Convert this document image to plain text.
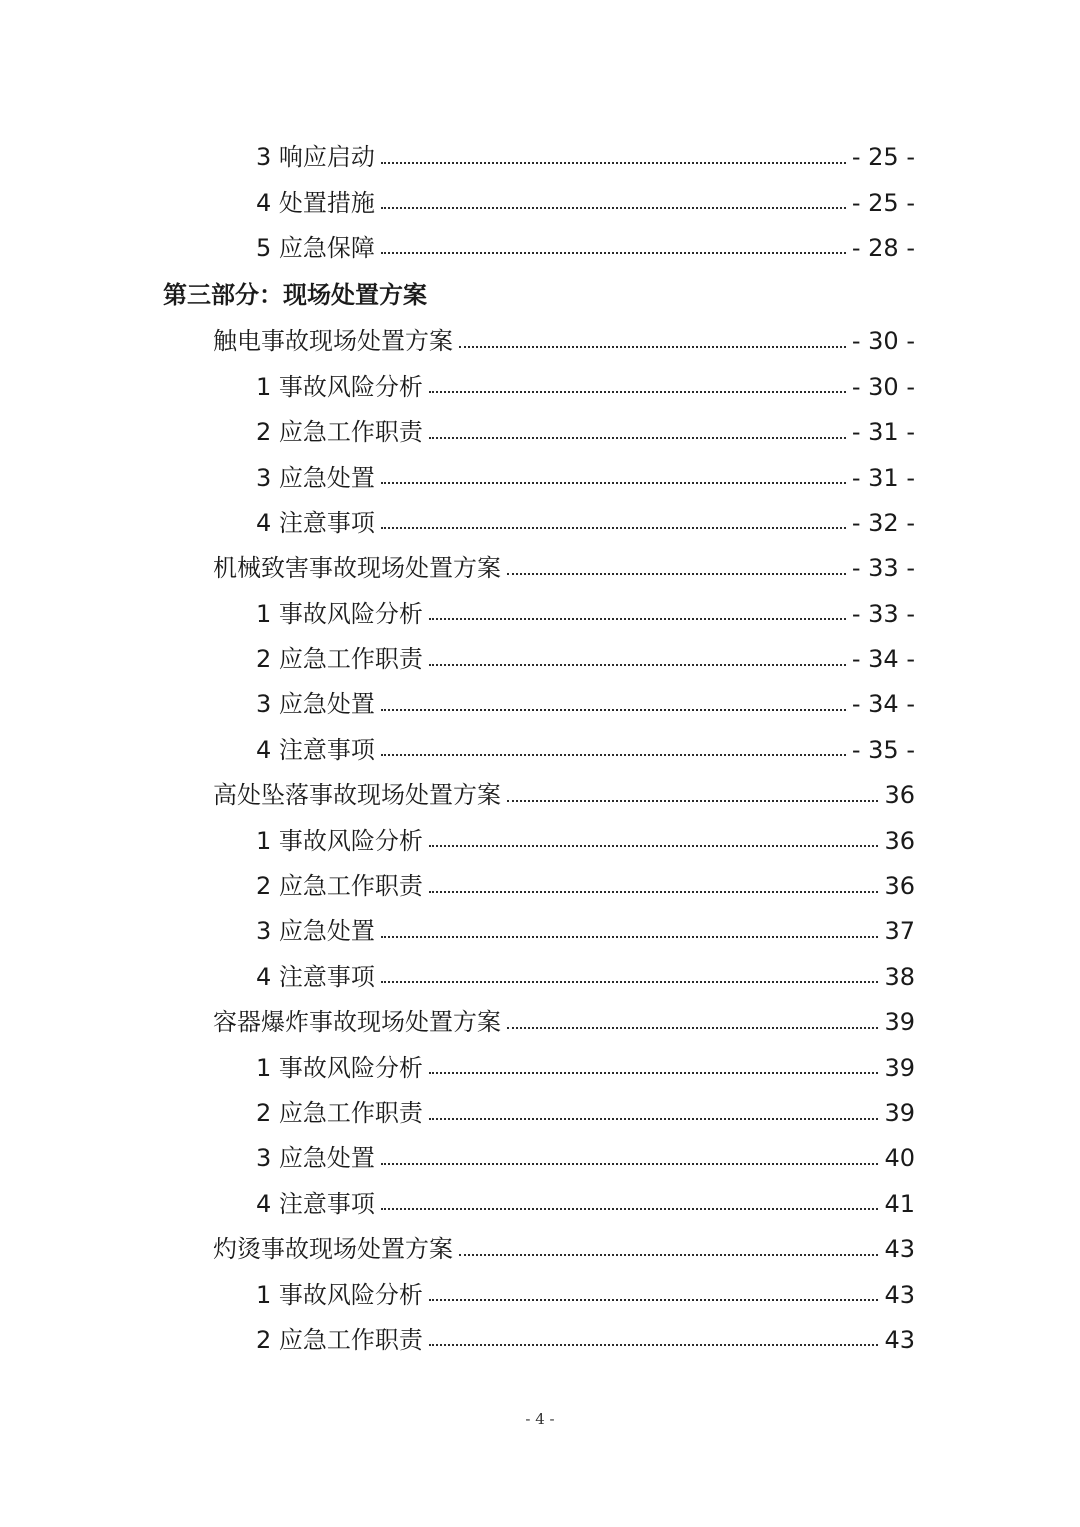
3 响应启动	- 25 -
4 处置措施	- 25 -
5 应急保障	- 28 -
第三部分：现场处置方案
触电事故现场处置方案	- 30 -
1 事故风险分析	- 30 -
2 应急工作职责	- 31 -
3 应急处置	- 31 -
4 注意事项	- 32 -
机械致害事故现场处置方案	- 33 -
1 事故风险分析	- 33 -
2 应急工作职责	- 34 -
3 应急处置	- 34 -
4 注意事项	- 35 -
高处坠落事故现场处置方案	36
1 事故风险分析	36
2 应急工作职责	36
3 应急处置	37
4 注意事项	38
容器爆炸事故现场处置方案	39
1 事故风险分析	39
2 应急工作职责	39
3 应急处置	40
4 注意事项	41
灼烫事故现场处置方案	43
1 事故风险分析	43
2 应急工作职责	43
- 4 -
